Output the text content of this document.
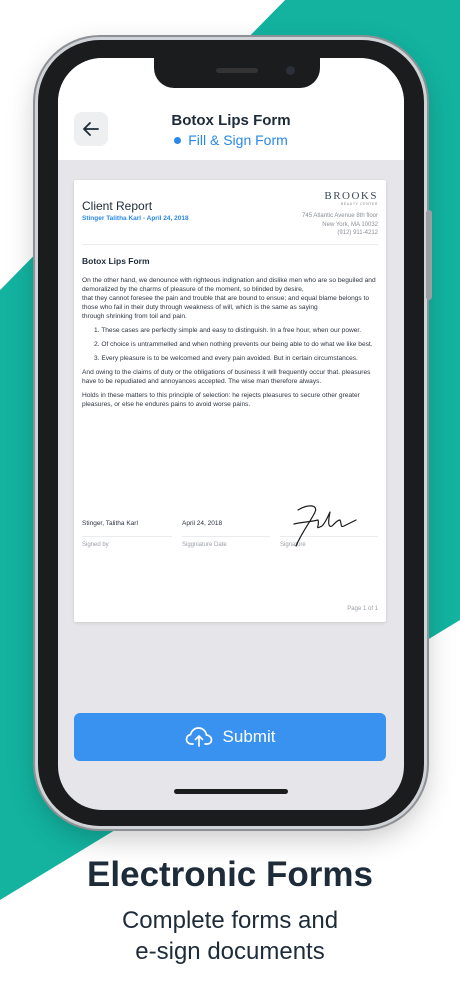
Botox Lips Form
Fill & Sign Form
Client Report
Stinger Talitha Karl - April 24, 2018
BROOKS
BEAUTY CENTER
745 Atlantic Avenue 8th floor
New York, MA 10032
(912) 911-4212
Botox Lips Form

On the other hand, we denounce with righteous indignation and dislike men who are so beguiled and demoralized by the charms of pleasure of the moment, so blinded by desire,
that they cannot foresee the pain and trouble that are bound to ensue; and equal blame belongs to those who fail in their duty through weakness of will, which is the same as saying
through shrinking from toil and pain.

1. These cases are perfectly simple and easy to distinguish. In a free hour, when our power.

2. Of choice is untrammelled and when nothing prevents our being able to do what we like best.

3. Every pleasure is to be welcomed and every pain avoided. But in certain circumstances.

And owing to the claims of duty or the obligations of business it will frequently occur that. pleasures have to be repudiated and annoyances accepted. The wise man therefore always.

Holds in these matters to this principle of selection: he rejects pleasures to secure other greater pleasures, or else he endures pains to avoid worse pains.

Stinger, Talitha Karl
Signed by
April 24, 2018
Siggniature Date	Signature
Page 1 of 1
Submit
Electronic Forms
Complete forms and
e-sign documents
